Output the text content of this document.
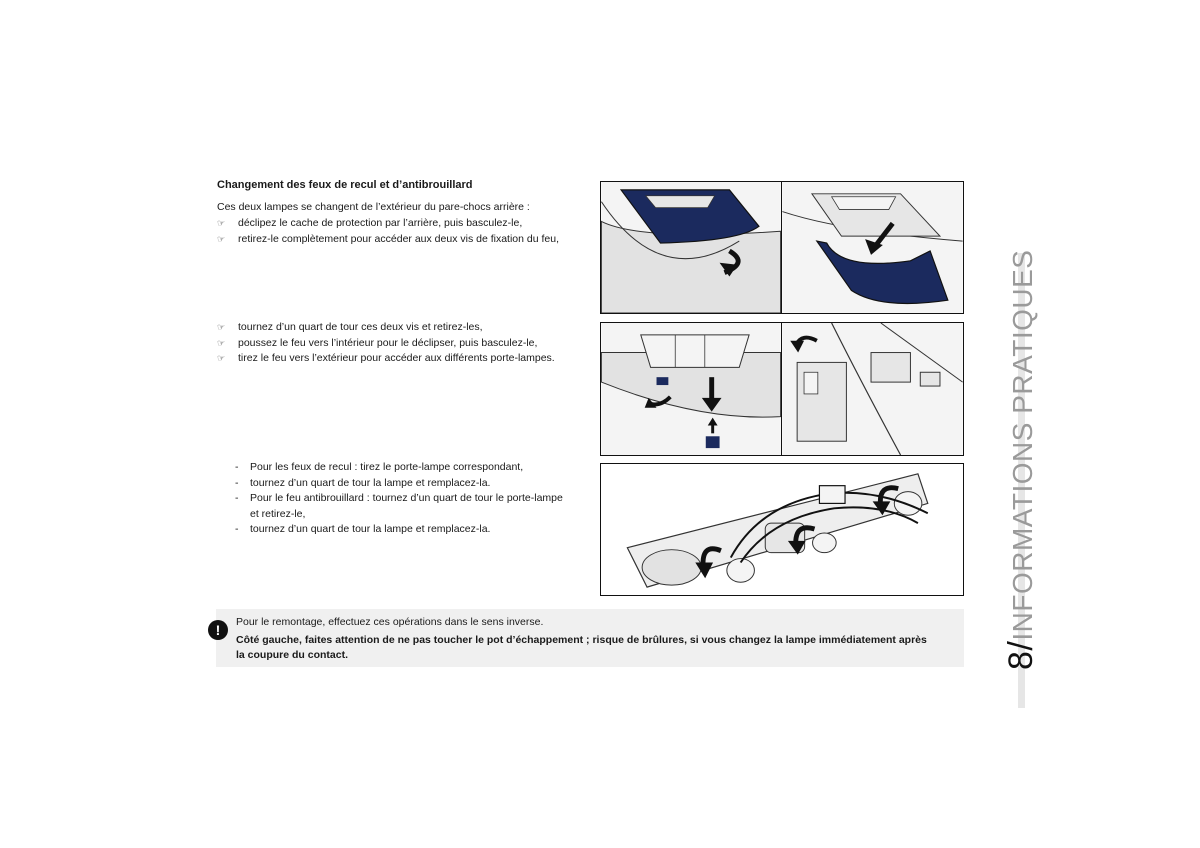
Changement des feux de recul et d’antibrouillard
Ces deux lampes se changent de l’extérieur du pare-chocs arrière :
☞ déclipez le cache de protection par l’arrière, puis basculez-le,
☞ retirez-le complètement pour accéder aux deux vis de fixation du feu,
☞ tournez d’un quart de tour ces deux vis et retirez-les,
☞ poussez le feu vers l’intérieur pour le déclipser, puis basculez-le,
☞ tirez le feu vers l’extérieur pour accéder aux différents porte-lampes.
- Pour les feux de recul : tirez le porte-lampe correspondant,
- tournez d’un quart de tour la lampe et remplacez-la.
- Pour le feu antibrouillard : tournez d’un quart de tour le porte-lampe et retirez-le,
- tournez d’un quart de tour la lampe et remplacez-la.
!	Pour le remontage, effectuez ces opérations dans le sens inverse.
Côté gauche, faites attention de ne pas toucher le pot d’échappement ; risque de brûlures, si vous changez la lampe immédiatement après la coupure du contact.	8/INFORMATIONS PRATIQUES
